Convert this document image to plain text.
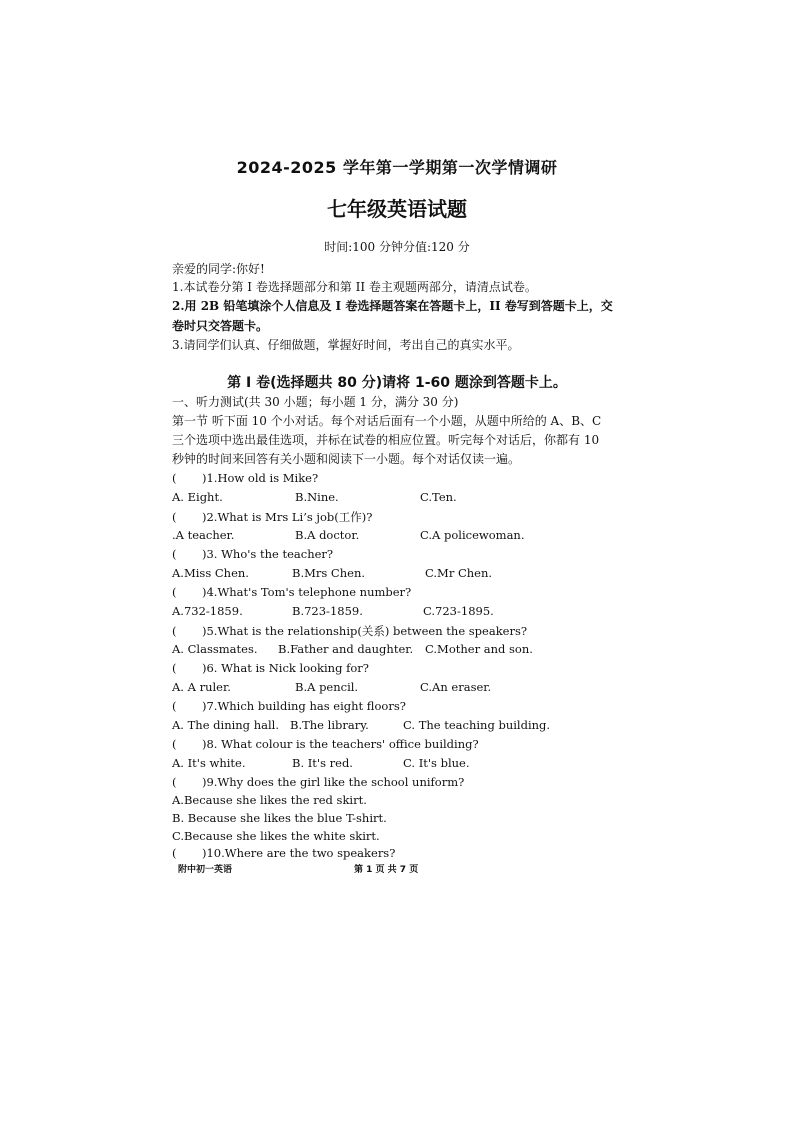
2024-2025 学年第一学期第一次学情调研
七年级英语试题
时间:100 分钟分值:120 分
亲爱的同学:你好!
1.本试卷分第 I 卷选择题部分和第 II 卷主观题两部分，请清点试卷。
2.用 2B 铅笔填涂个人信息及 I 卷选择题答案在答题卡上，II 卷写到答题卡上，交
卷时只交答题卡。
3.请同学们认真、仔细做题，掌握好时间，考出自己的真实水平。
第 I 卷(选择题共 80 分)请将 1-60 题涂到答题卡上。
一、听力测试(共 30 小题；每小题 1 分，满分 30 分)
第一节 听下面 10 个小对话。每个对话后面有一个小题，从题中所给的 A、B、C
三个选项中选出最佳选项，并标在试卷的相应位置。听完每个对话后，你都有 10
秒钟的时间来回答有关小题和阅读下一小题。每个对话仅读一遍。
( )1.How old is Mike?
A. Eight.	B.Nine.	C.Ten.
( )2.What is Mrs Li’s job(工作)?
.A teacher.	B.A doctor.	C.A policewoman.
( )3. Who's the teacher?
A.Miss Chen.	B.Mrs Chen.	C.Mr Chen.
( )4.What's Tom's telephone number?
A.732-1859.	B.723-1859.	C.723-1895.
( )5.What is the relationship(关系) between the speakers?
A. Classmates. B.Father and daughter. C.Mother and son.
( )6. What is Nick looking for?
A. A ruler.	B.A pencil.	C.An eraser.
( )7.Which building has eight floors?
A. The dining hall. B.The library.	C. The teaching building.
( )8. What colour is the teachers' office building?
A. It's white.	B. It's red.	C. It's blue.
( )9.Why does the girl like the school uniform?
A.Because she likes the red skirt.
B. Because she likes the blue T-shirt.
C.Because she likes the white skirt.
( )10.Where are the two speakers?
附中初一英语	第 1 页 共 7 页
